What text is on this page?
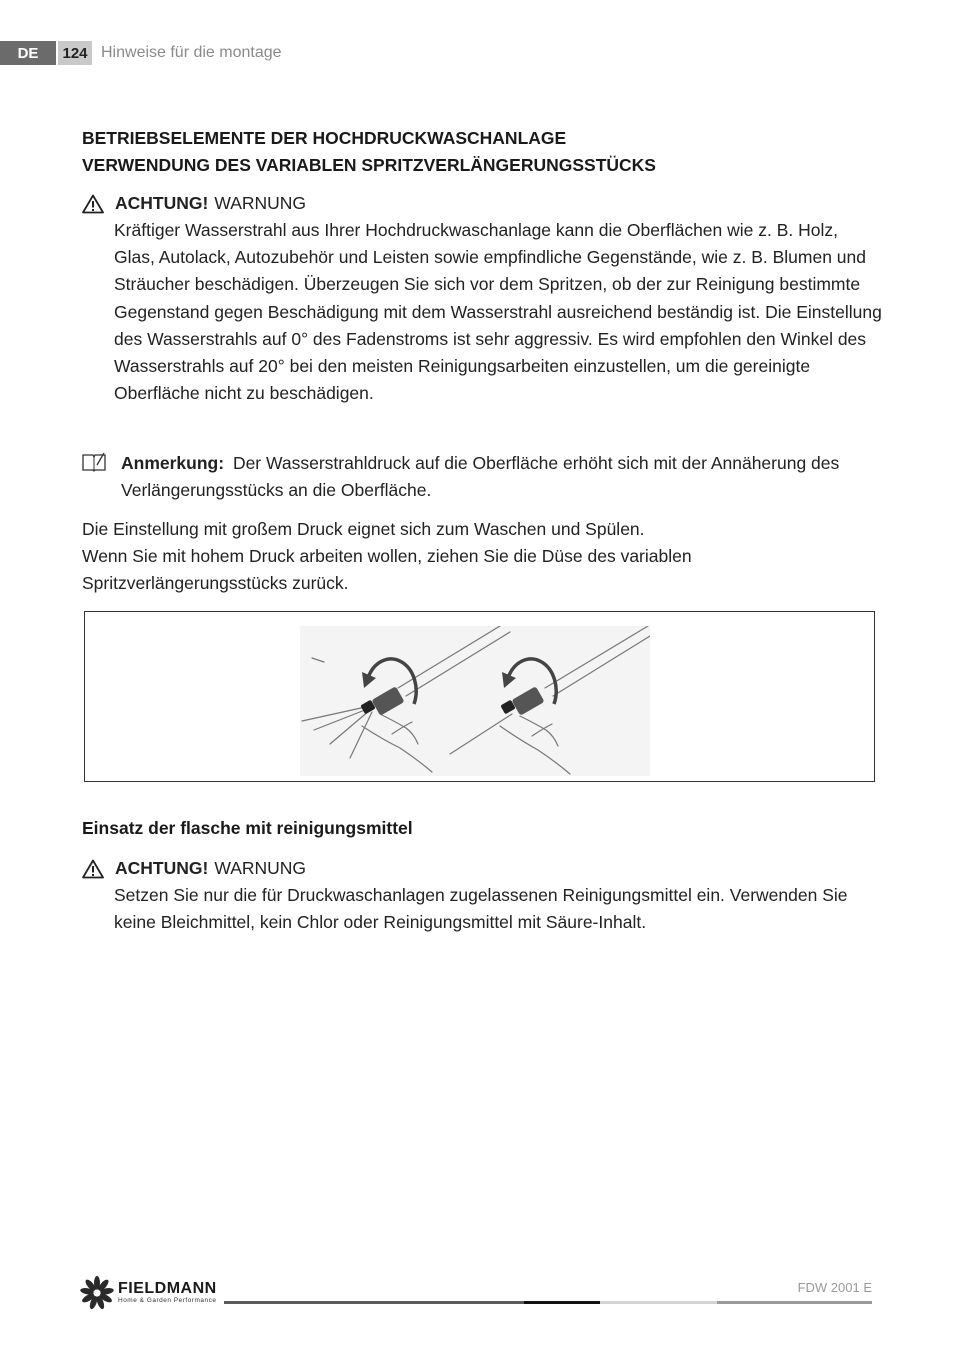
DE	124 Hinweise für die montage
BETRIEBSELEMENTE DER HOCHDRUCKWASCHANLAGE
VERWENDUNG DES VARIABLEN SPRITZVERLÄNGERUNGSSTÜCKS
ACHTUNG! WARNUNG
Kräftiger Wasserstrahl aus Ihrer Hochdruckwaschanlage kann die Oberflächen wie z. B. Holz, Glas, Autolack, Autozubehör und Leisten sowie empfindliche Gegenstände, wie z. B. Blumen und Sträucher beschädigen. Überzeugen Sie sich vor dem Spritzen, ob der zur Reinigung bestimmte Gegenstand gegen Beschädigung mit dem Wasserstrahl ausreichend beständig ist. Die Einstellung des Wasserstrahls auf 0° des Fadenstroms ist sehr aggressiv. Es wird empfohlen den Winkel des Wasserstrahls auf 20° bei den meisten Reinigungsarbeiten einzustellen, um die gereinigte Oberfläche nicht zu beschädigen.
Anmerkung: Der Wasserstrahldruck auf die Oberfläche erhöht sich mit der Annäherung des Verlängerungsstücks an die Oberfläche.
Die Einstellung mit großem Druck eignet sich zum Waschen und Spülen.
Wenn Sie mit hohem Druck arbeiten wollen, ziehen Sie die Düse des variablen
Spritzverlängerungsstücks zurück.
Einsatz der flasche mit reinigungsmittel
ACHTUNG! WARNUNG
Setzen Sie nur die für Druckwaschanlagen zugelassenen Reinigungsmittel ein. Verwenden Sie keine Bleichmittel, kein Chlor oder Reinigungsmittel mit Säure-Inhalt.
FIELDMANN
Home & Garden Performance
FDW 2001 E
